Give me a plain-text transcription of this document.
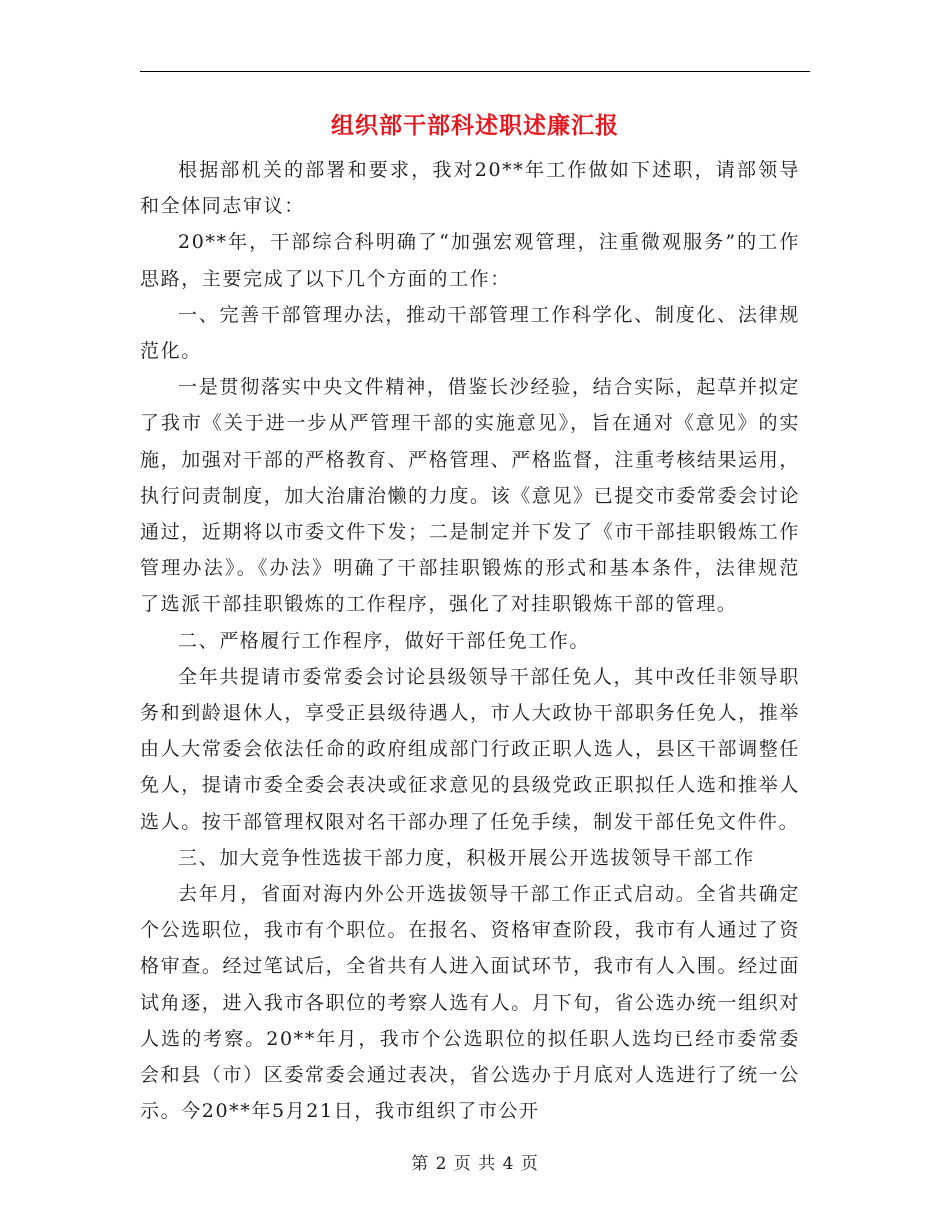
组织部干部科述职述廉汇报

根据部机关的部署和要求，我对20**年工作做如下述职，请部领导和全体同志审议：

20**年，干部综合科明确了“加强宏观管理，注重微观服务”的工作思路，主要完成了以下几个方面的工作：

一、完善干部管理办法，推动干部管理工作科学化、制度化、法律规范化。

一是贯彻落实中央文件精神，借鉴长沙经验，结合实际，起草并拟定了我市《关于进一步从严管理干部的实施意见》，旨在通对《意见》的实施，加强对干部的严格教育、严格管理、严格监督，注重考核结果运用，执行问责制度，加大治庸治懒的力度。该《意见》已提交市委常委会讨论通过，近期将以市委文件下发；二是制定并下发了《市干部挂职锻炼工作管理办法》。《办法》明确了干部挂职锻炼的形式和基本条件，法律规范了选派干部挂职锻炼的工作程序，强化了对挂职锻炼干部的管理。

二、严格履行工作程序，做好干部任免工作。

全年共提请市委常委会讨论县级领导干部任免人，其中改任非领导职务和到龄退休人，享受正县级待遇人，市人大政协干部职务任免人，推举由人大常委会依法任命的政府组成部门行政正职人选人，县区干部调整任免人，提请市委全委会表决或征求意见的县级党政正职拟任人选和推举人选人。按干部管理权限对名干部办理了任免手续，制发干部任免文件件。

三、加大竞争性选拔干部力度，积极开展公开选拔领导干部工作

去年月，省面对海内外公开选拔领导干部工作正式启动。全省共确定个公选职位，我市有个职位。在报名、资格审查阶段，我市有人通过了资格审查。经过笔试后，全省共有人进入面试环节，我市有人入围。经过面试角逐，进入我市各职位的考察人选有人。月下旬，省公选办统一组织对人选的考察。20**年月，我市个公选职位的拟任职人选均已经市委常委会和县（市）区委常委会通过表决，省公选办于月底对人选进行了统一公示。今20**年5月21日，我市组织了市公开

第 2 页 共 4 页
